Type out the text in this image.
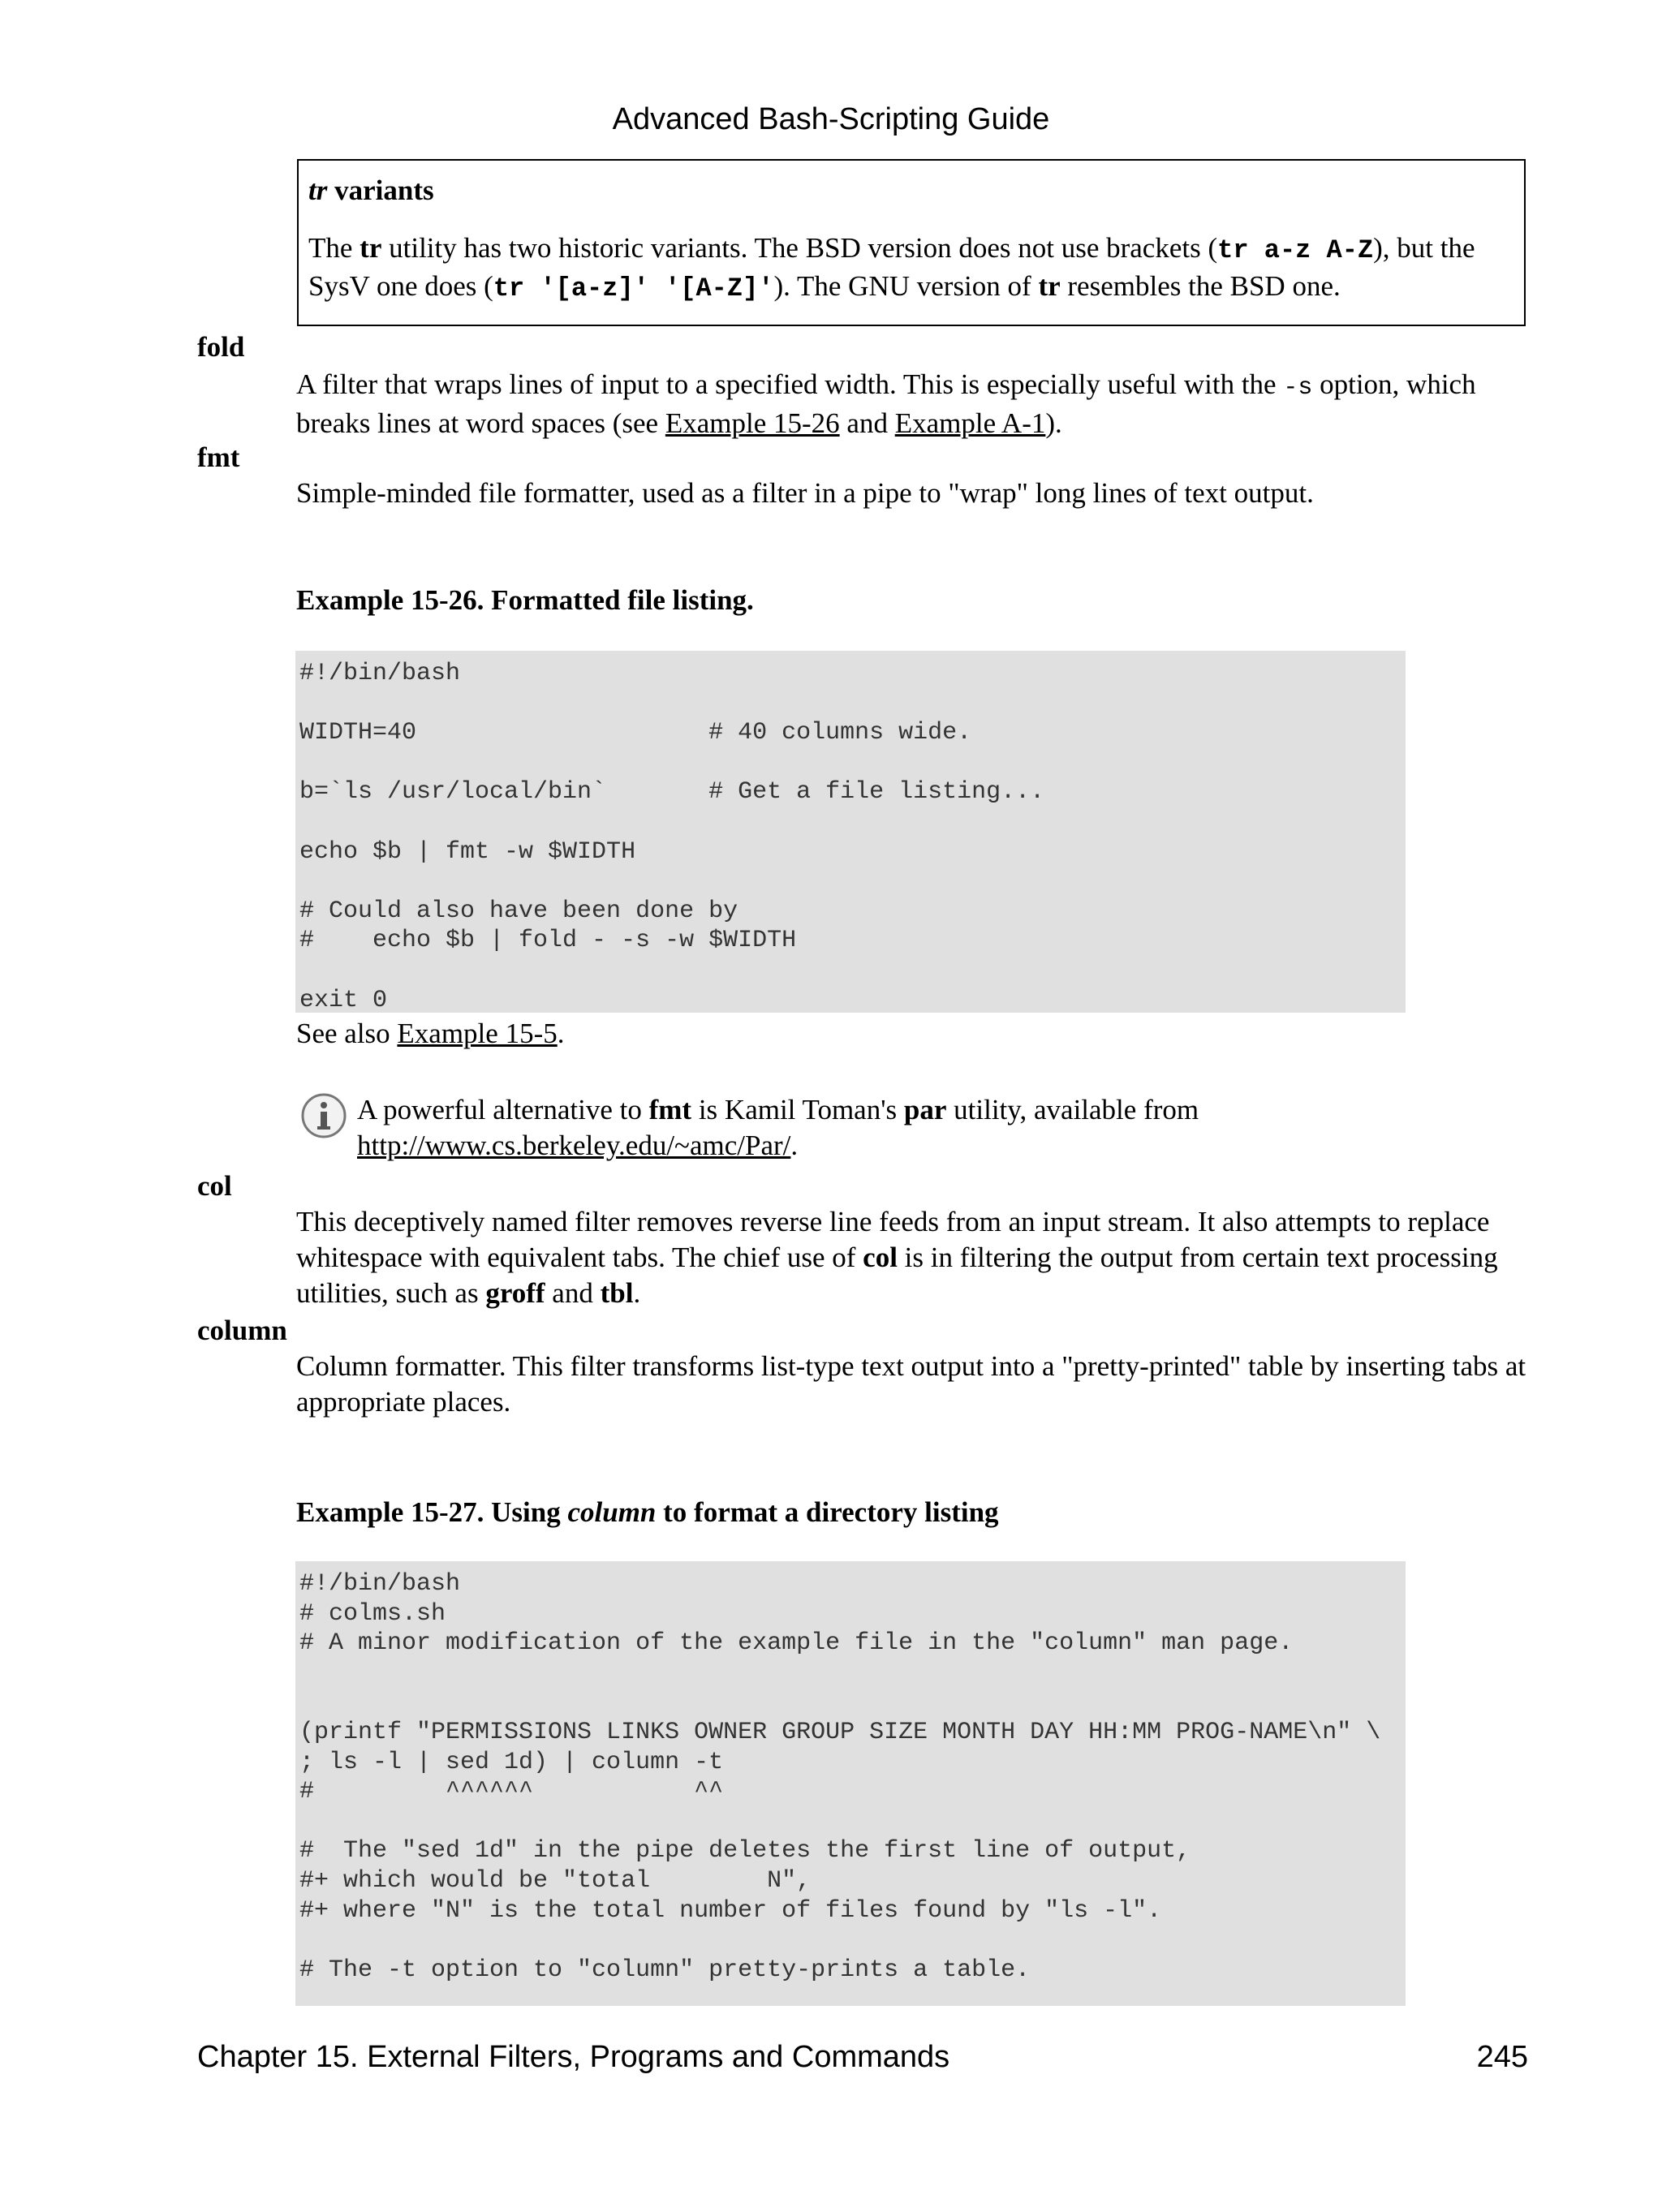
Advanced Bash-Scripting Guide
tr variants
The tr utility has two historic variants. The BSD version does not use brackets (tr a-z A-Z), but the SysV one does (tr '[a-z]' '[A-Z]'). The GNU version of tr resembles the BSD one.
fold
A filter that wraps lines of input to a specified width. This is especially useful with the -s option, which breaks lines at word spaces (see Example 15-26 and Example A-1).
fmt
Simple-minded file formatter, used as a filter in a pipe to "wrap" long lines of text output.
Example 15-26. Formatted file listing.
#!/bin/bash

WIDTH=40                    # 40 columns wide.

b=`ls /usr/local/bin`       # Get a file listing...

echo $b | fmt -w $WIDTH

# Could also have been done by
#    echo $b | fold - -s -w $WIDTH

exit 0
See also Example 15-5.
A powerful alternative to fmt is Kamil Toman's par utility, available from
http://www.cs.berkeley.edu/~amc/Par/.
col
This deceptively named filter removes reverse line feeds from an input stream. It also attempts to replace whitespace with equivalent tabs. The chief use of col is in filtering the output from certain text processing utilities, such as groff and tbl.
column
Column formatter. This filter transforms list-type text output into a "pretty-printed" table by inserting tabs at appropriate places.
Example 15-27. Using column to format a directory listing
#!/bin/bash
# colms.sh
# A minor modification of the example file in the "column" man page.

(printf "PERMISSIONS LINKS OWNER GROUP SIZE MONTH DAY HH:MM PROG-NAME\n" \
; ls -l | sed 1d) | column -t
#         ^^^^^^           ^^

#  The "sed 1d" in the pipe deletes the first line of output,
#+ which would be "total        N",
#+ where "N" is the total number of files found by "ls -l".

# The -t option to "column" pretty-prints a table.
Chapter 15. External Filters, Programs and Commands	245
